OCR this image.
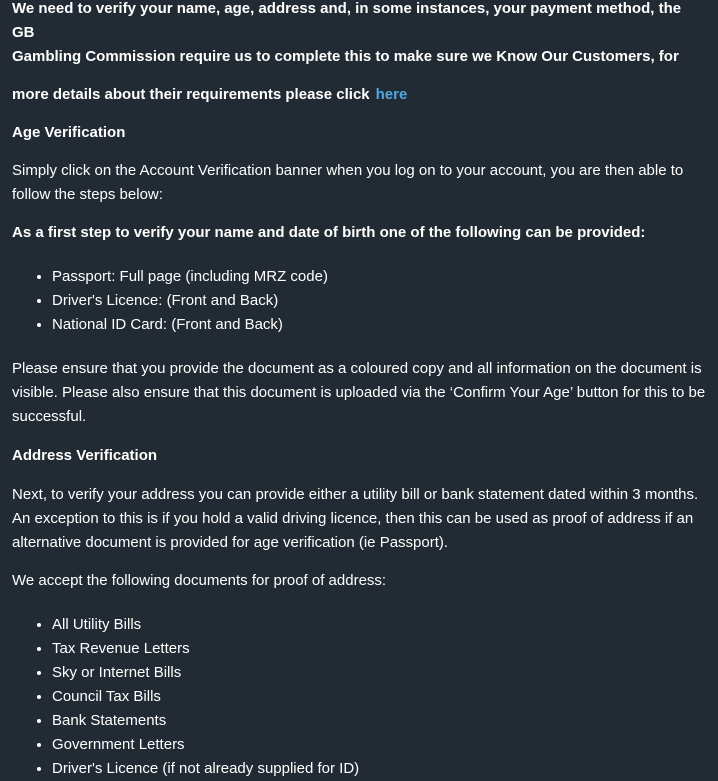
We need to verify your name, age, address and, in some instances, your payment method, the GB
Gambling Commission require us to complete this to make sure we Know Our Customers, for
more details about their requirements please click here
Age Verification

Simply click on the Account Verification banner when you log on to your account, you are then able to follow the steps below:

As a first step to verify your name and date of birth one of the following can be provided:

• Passport: Full page (including MRZ code)
• Driver's Licence: (Front and Back)
• National ID Card: (Front and Back)

Please ensure that you provide the document as a coloured copy and all information on the document is visible. Please also ensure that this document is uploaded via the ‘Confirm Your Age’ button for this to be successful.

Address Verification

Next, to verify your address you can provide either a utility bill or bank statement dated within 3 months. An exception to this is if you hold a valid driving licence, then this can be used as proof of address if an alternative document is provided for age verification (ie Passport).

We accept the following documents for proof of address:

• All Utility Bills
• Tax Revenue Letters
• Sky or Internet Bills
• Council Tax Bills
• Bank Statements
• Government Letters
• Driver's Licence (if not already supplied for ID)
